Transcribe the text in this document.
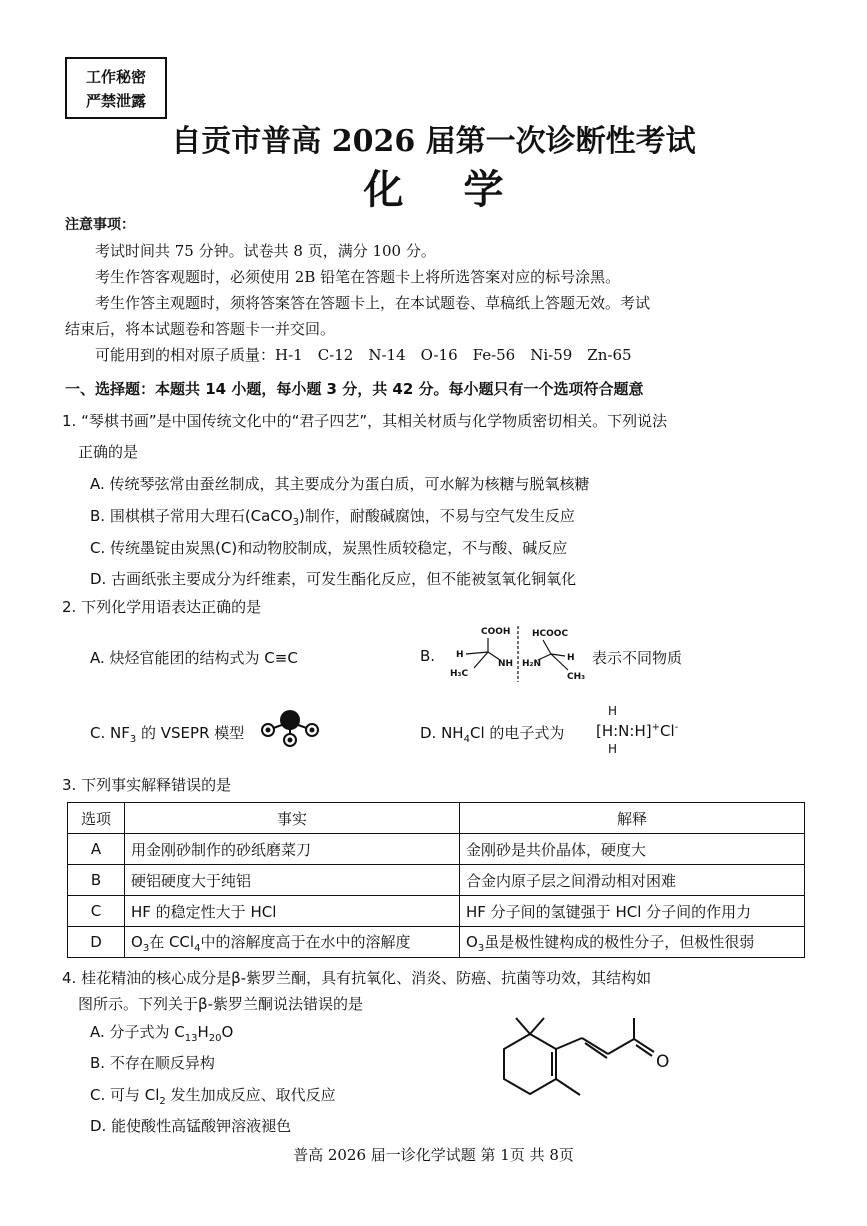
工作秘密
严禁泄露
自贡市普高 2026 届第一次诊断性考试
化学
注意事项：
考试时间共 75 分钟。试卷共 8 页，满分 100 分。
考生作答客观题时，必须使用 2B 铅笔在答题卡上将所选答案对应的标号涂黑。
考生作答主观题时，须将答案答在答题卡上，在本试题卷、草稿纸上答题无效。考试
结束后，将本试题卷和答题卡一并交回。
可能用到的相对原子质量：H-1　C-12　N-14　O-16　Fe-56　Ni-59　Zn-65
一、选择题：本题共 14 小题，每小题 3 分，共 42 分。每小题只有一个选项符合题意
1. “琴棋书画”是中国传统文化中的“君子四艺”，其相关材质与化学物质密切相关。下列说法
正确的是
A. 传统琴弦常由蚕丝制成，其主要成分为蛋白质，可水解为核糖与脱氧核糖
B. 围棋棋子常用大理石(CaCO$_3$)制作，耐酸碱腐蚀，不易与空气发生反应
C. 传统墨锭由炭黑(C)和动物胶制成，炭黑性质较稳定，不与酸、碱反应
D. 古画纸张主要成分为纤维素，可发生酯化反应，但不能被氢氧化铜氧化
2. 下列化学用语表达正确的是
A. 炔烃官能团的结构式为 C≡C	B.
COOH HCOOC
H
NH H₂N
H
H₃C	CH₃
表示不同物质
C. $NF_3$ 的 VSEPR 模型	D. $NH_4Cl$ 的电子式为
H
[H:N:H]+Cl-
H
3. 下列事实解释错误的是
选项	事实	解释
A	用金刚砂制作的砂纸磨菜刀	金刚砂是共价晶体，硬度大
B	硬铝硬度大于纯铝	合金内原子层之间滑动相对困难
C	HF 的稳定性大于 HCl	HF 分子间的氢键强于 HCl 分子间的作用力
D	$O_3$在 CCl$_4$中的溶解度高于在水中的溶解度	$O_3$虽是极性键构成的极性分子，但极性很弱
4. 桂花精油的核心成分是β-紫罗兰酮，具有抗氧化、消炎、防癌、抗菌等功效，其结构如
图所示。下列关于β-紫罗兰酮说法错误的是
A. 分子式为 $C_{13}H_{20}O$
B. 不存在顺反异构
C. 可与 $Cl_2$ 发生加成反应、取代反应
D. 能使酸性高锰酸钾溶液褪色
O
普高 2026 届一诊化学试题 第 1页 共 8页
